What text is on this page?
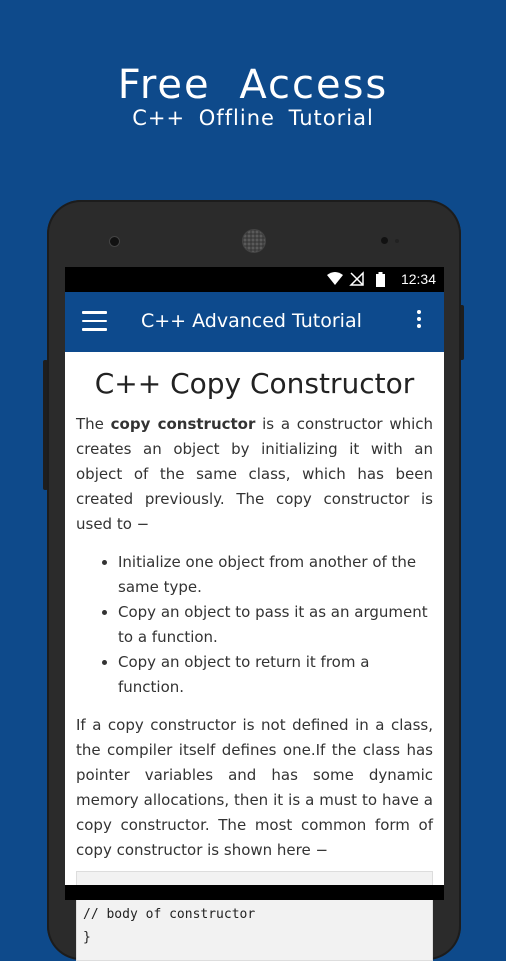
Free Access
C++ Offline Tutorial
12:34
C++ Advanced Tutorial
C++ Copy Constructor

The copy constructor is a constructor which creates an object by initializing it with an object of the same class, which has been created previously. The copy constructor is used to −

• Initialize one object from another of the same type.
• Copy an object to pass it as an argument to a function.
• Copy an object to return it from a function.

If a copy constructor is not defined in a class, the compiler itself defines one.If the class has pointer variables and has some dynamic memory allocations, then it is a must to have a copy constructor. The most common form of copy constructor is shown here −

// body of constructor
}
